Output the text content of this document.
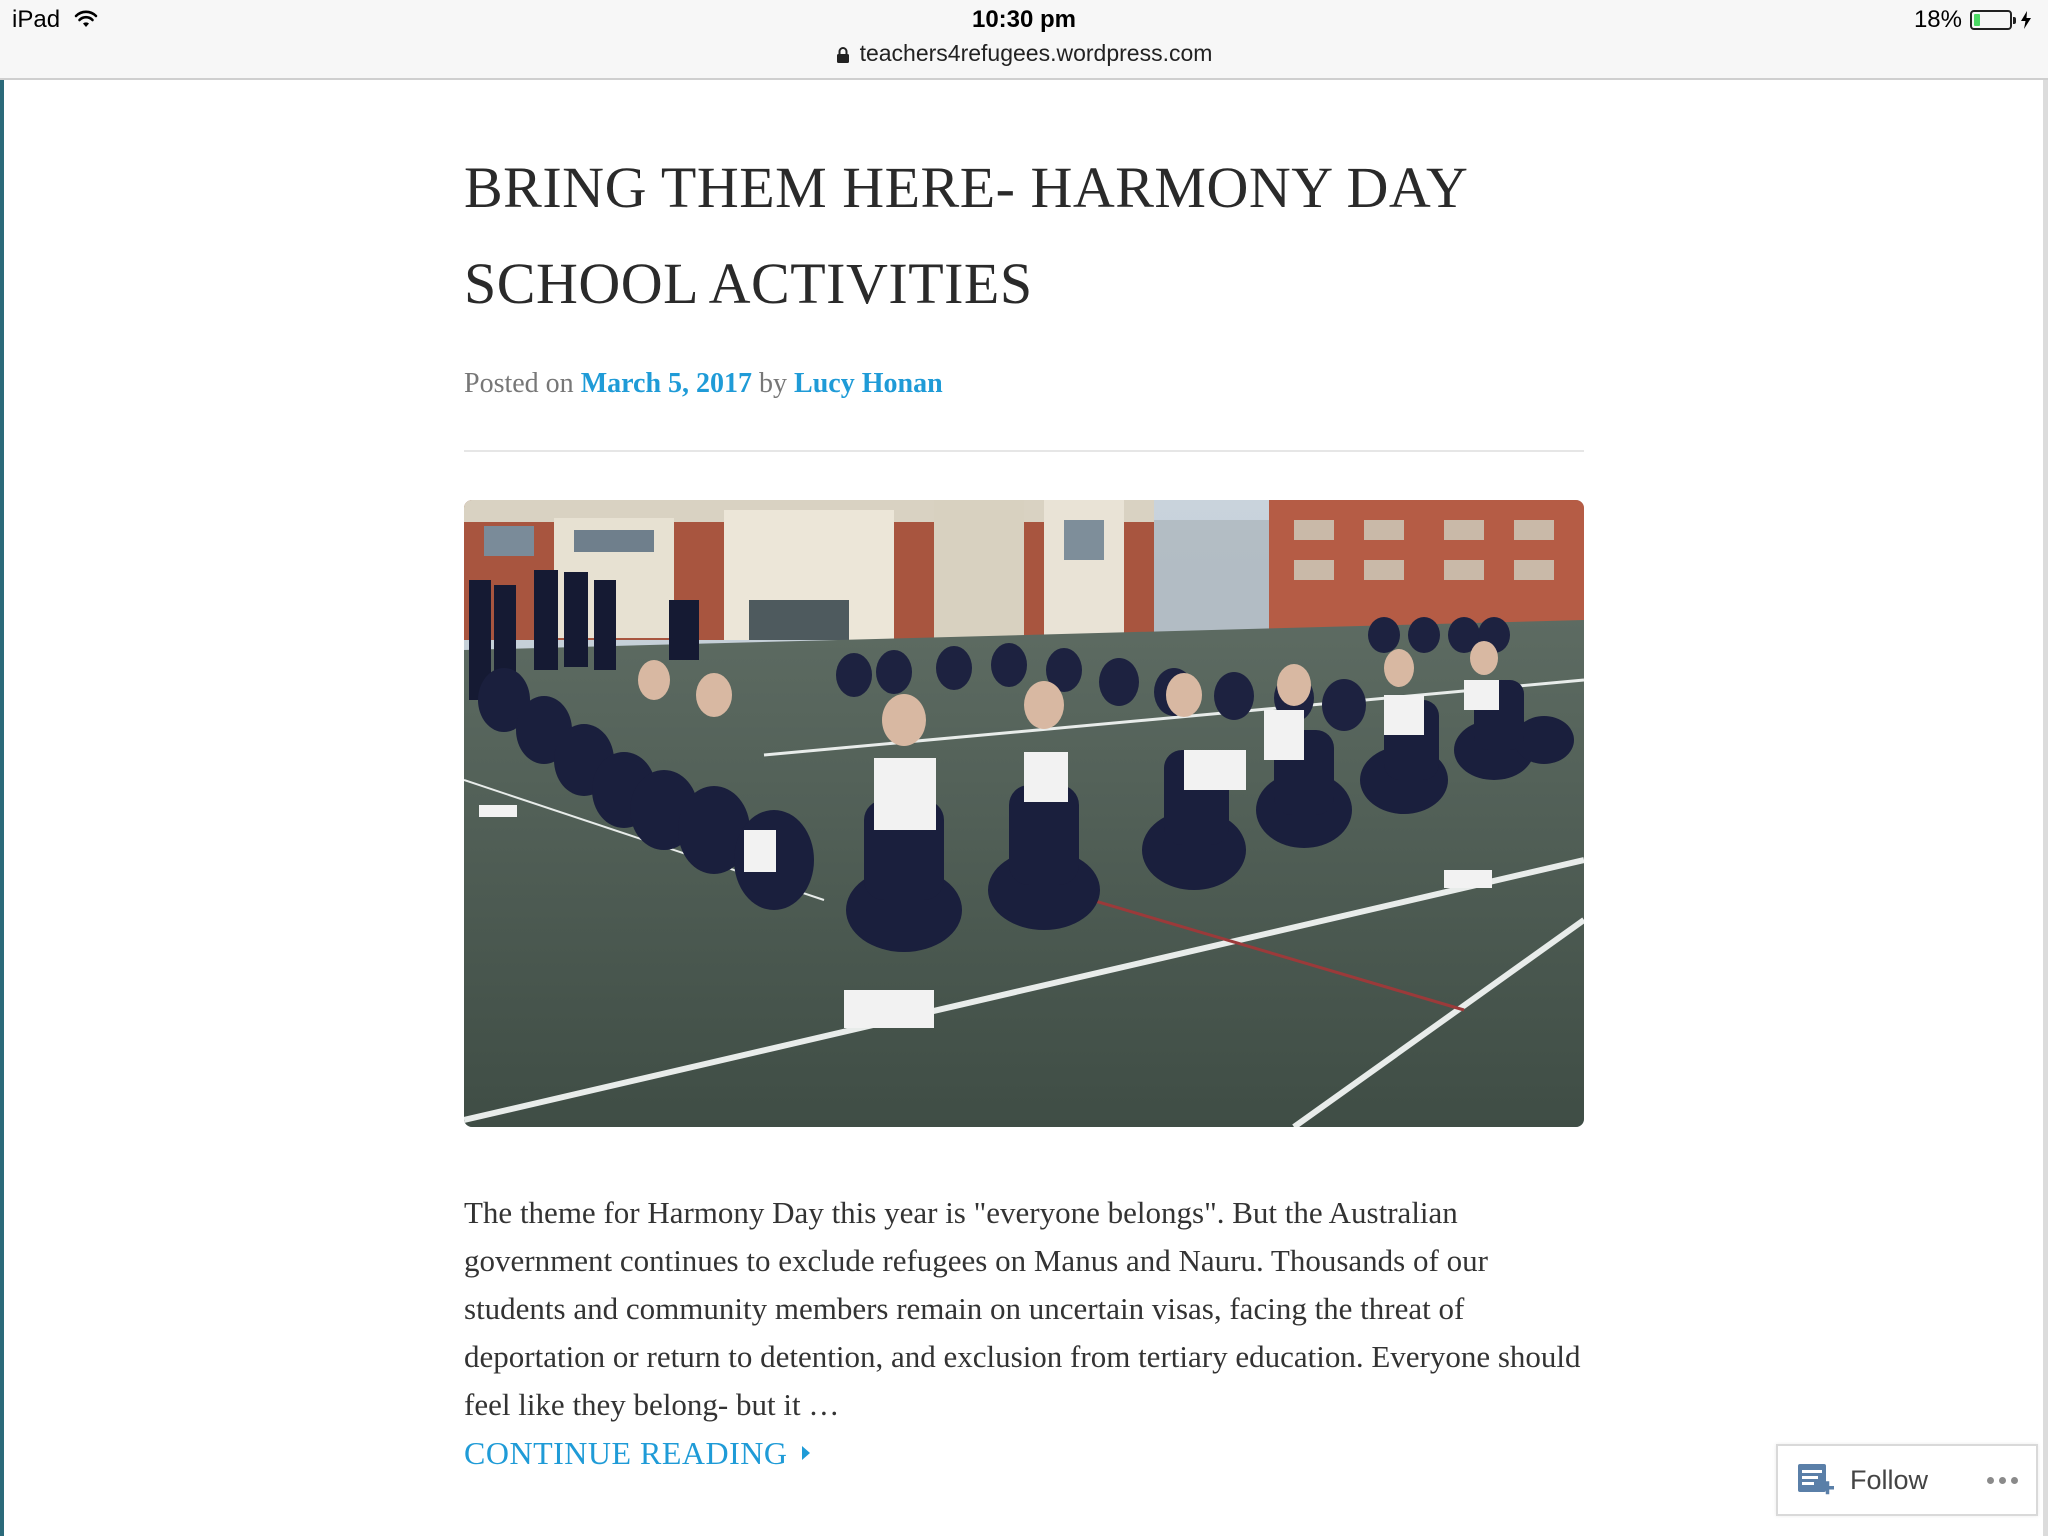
iPad	10:30 pm	18%
teachers4refugees.wordpress.com
BRING THEM HERE- HARMONY DAY SCHOOL ACTIVITIES
Posted on March 5, 2017 by Lucy Honan
The theme for Harmony Day this year is "everyone belongs". But the Australian government continues to exclude refugees on Manus and Nauru. Thousands of our students and community members remain on uncertain visas, facing the threat of deportation or return to detention, and exclusion from tertiary education. Everyone should feel like they belong- but it …

CONTINUE READING
Follow
